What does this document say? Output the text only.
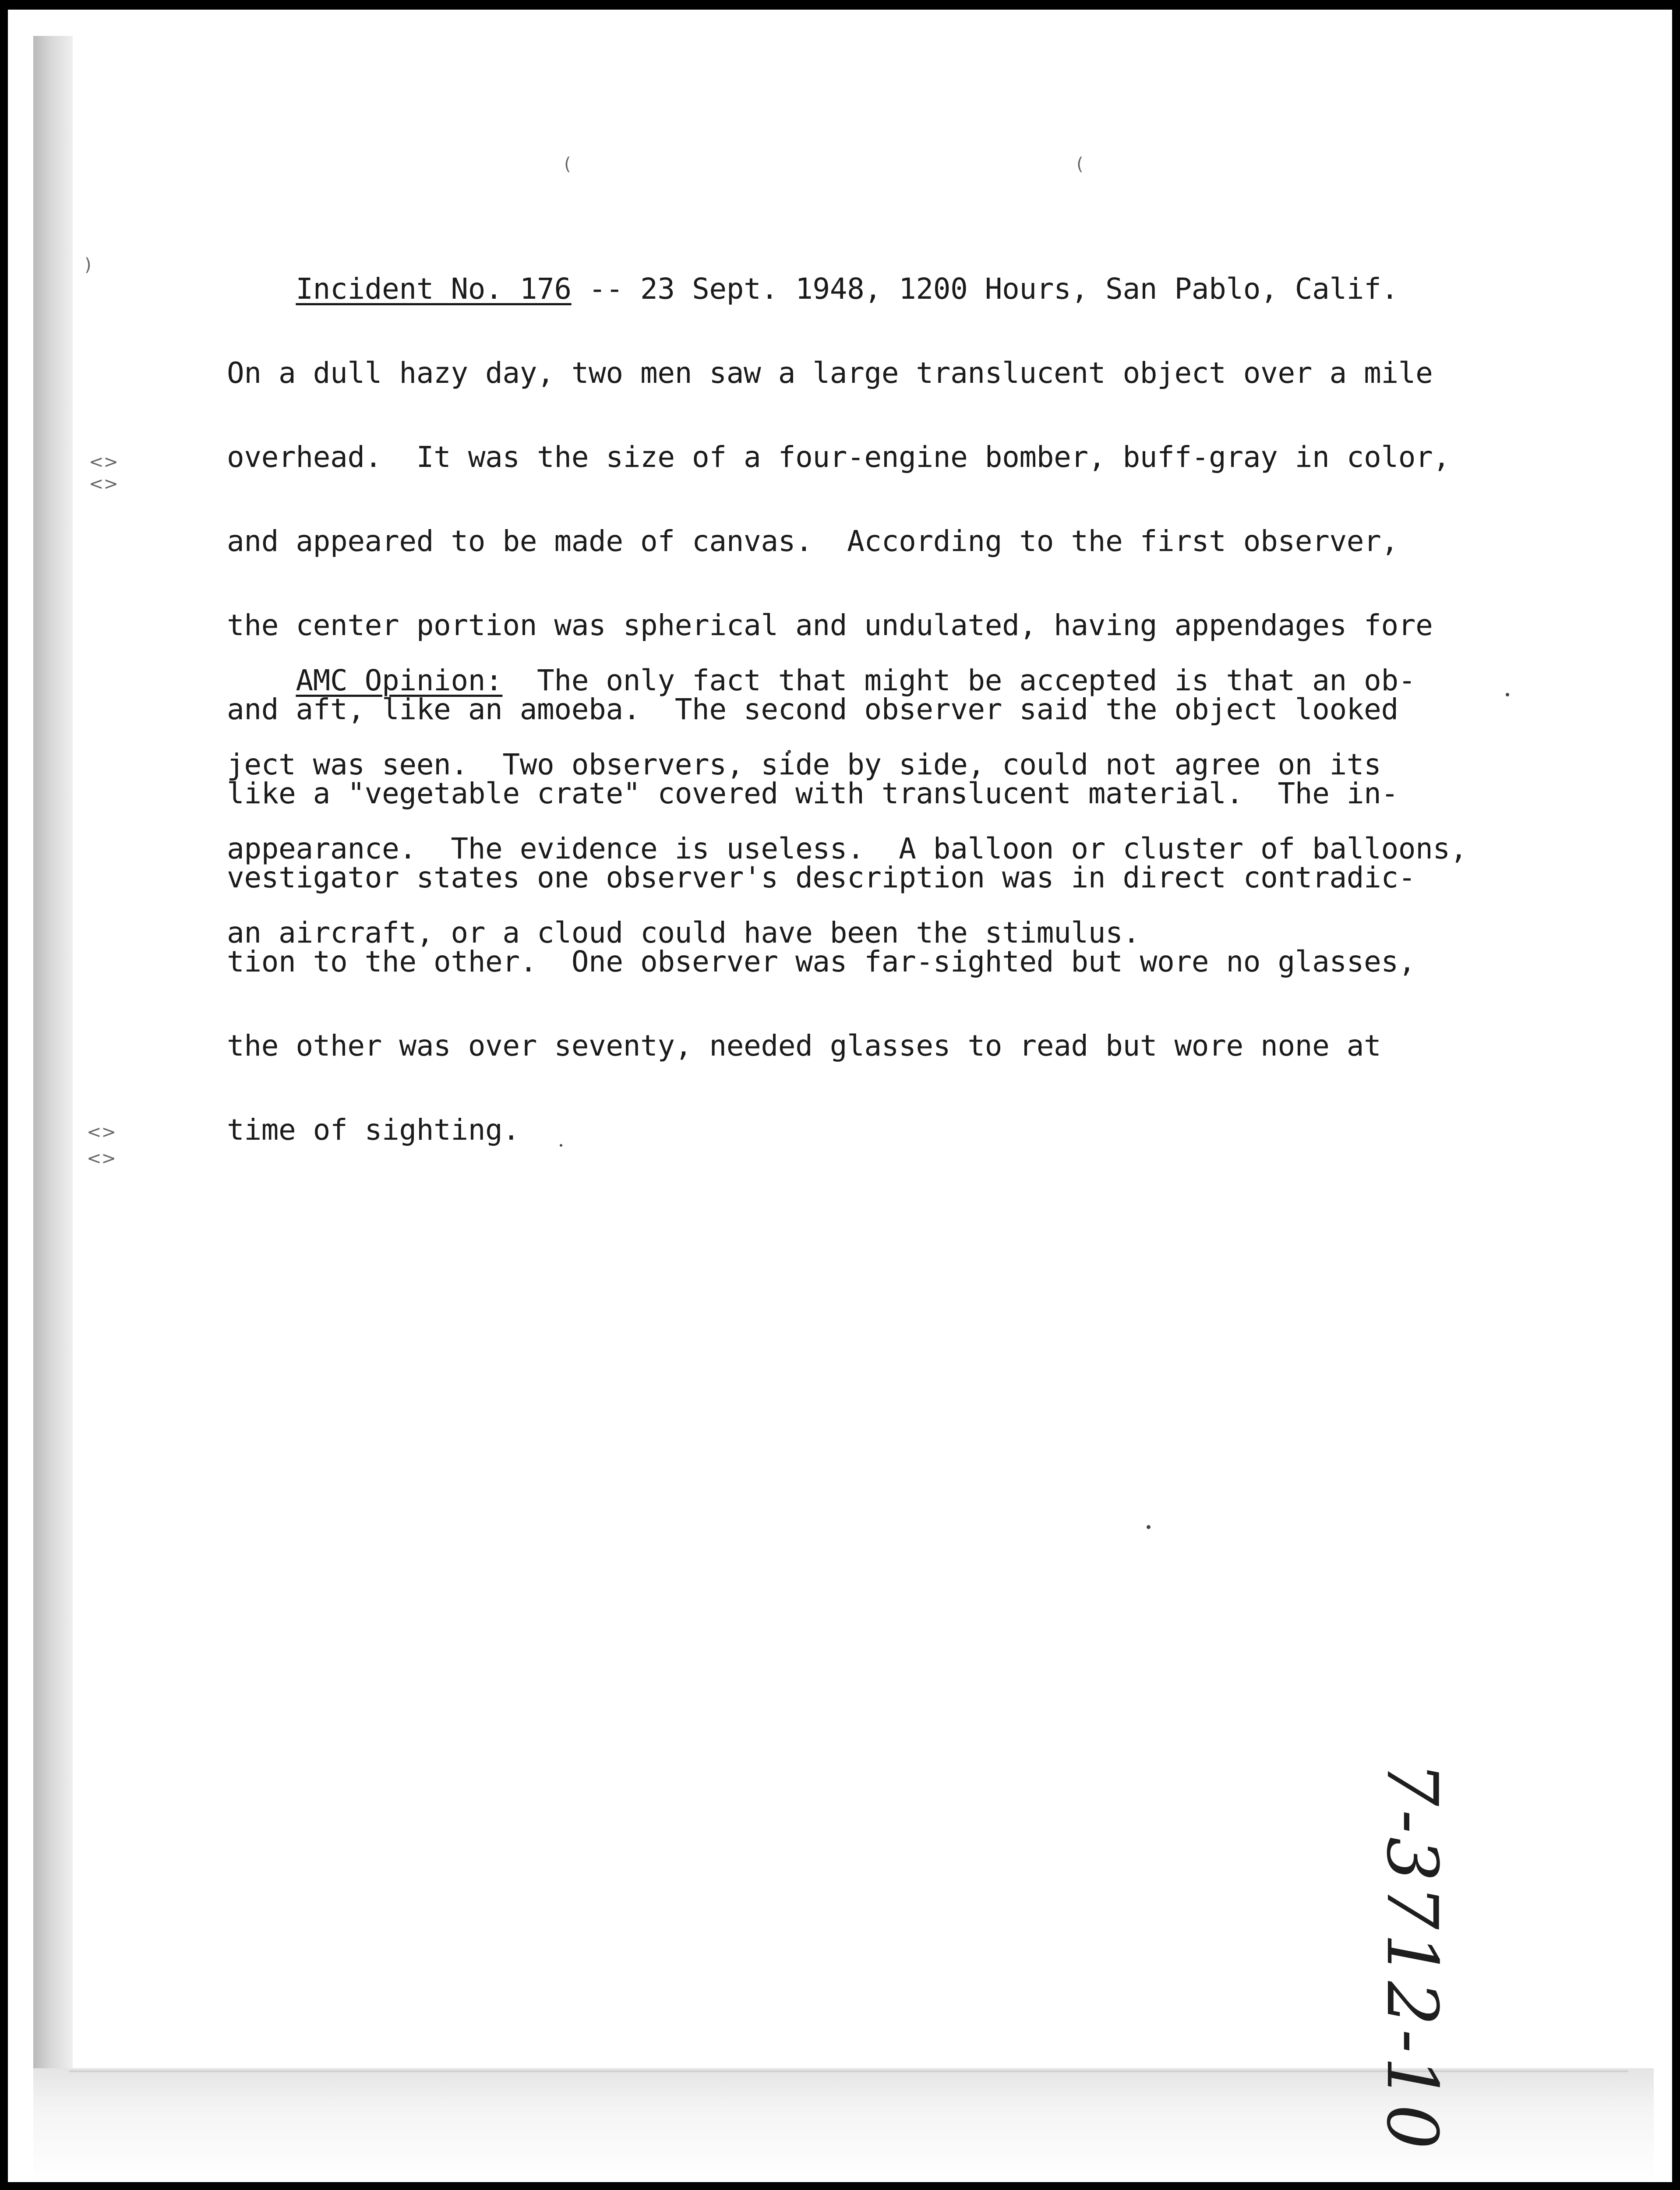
)
<>
<>
<>
<>
(	(

Incident No. 176 -- 23 Sept. 1948, 1200 Hours, San Pablo, Calif.

On a dull hazy day, two men saw a large translucent object over a mile

overhead.  It was the size of a four-engine bomber, buff-gray in color,

and appeared to be made of canvas.  According to the first observer,

the center portion was spherical and undulated, having appendages fore

and aft, like an amoeba.  The second observer said the object looked

like a "vegetable crate" covered with translucent material.  The in-

vestigator states one observer's description was in direct contradic-

tion to the other.  One observer was far-sighted but wore no glasses,

the other was over seventy, needed glasses to read but wore none at

time of sighting.

AMC Opinion:  The only fact that might be accepted is that an ob-

ject was seen.  Two observers, side by side, could not agree on its

appearance.  The evidence is useless.  A balloon or cluster of balloons,

an aircraft, or a cloud could have been the stimulus.

7-3712-10
